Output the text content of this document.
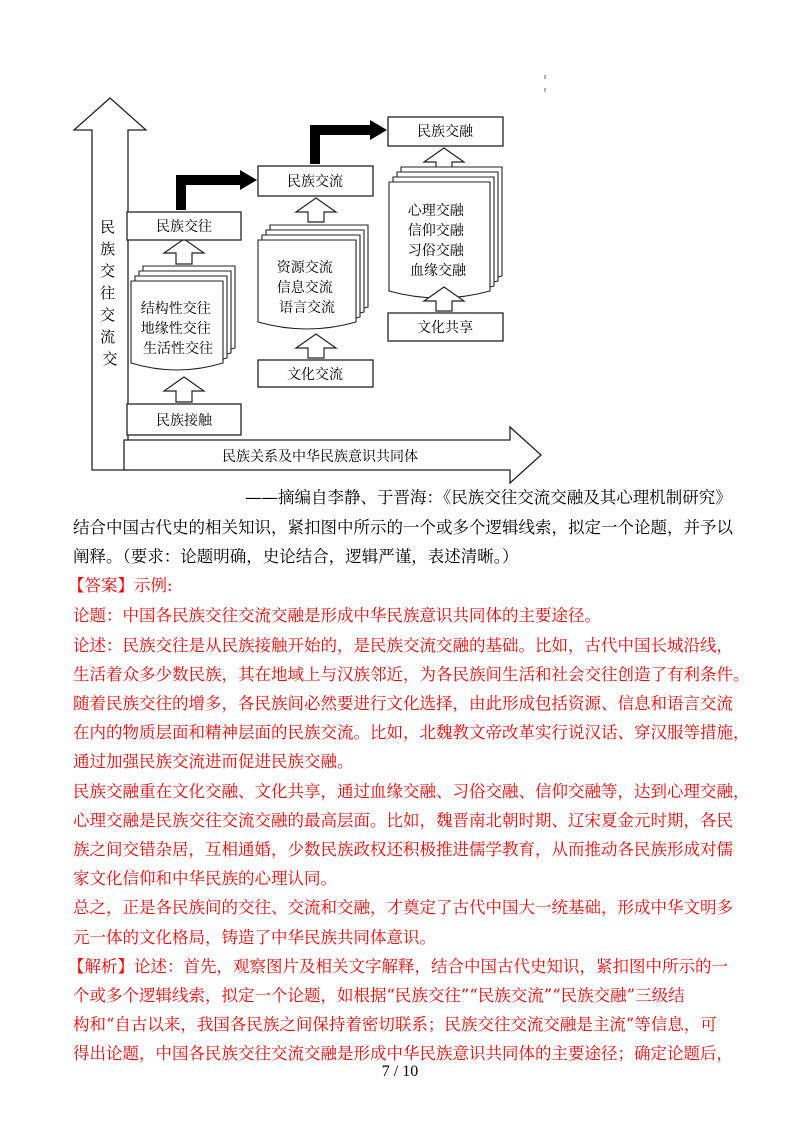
民 族 交 往 交 流 交
民族关系及中华民族意识共同体
民族接触
结构性交往 地缘性交往 生活性交往
民族交往
民族交流
资源交流 信息交流 语言交流
文化交流
民族交融
心理交融 信仰交融 习俗交融 血缘交融
文化共享
——摘编自李静、于晋海：《民族交往交流交融及其心理机制研究》
结合中国古代史的相关知识，紧扣图中所示的一个或多个逻辑线索，拟定一个论题，并予以
阐释。（要求：论题明确，史论结合，逻辑严谨，表述清晰。）
【答案】示例:
论题：中国各民族交往交流交融是形成中华民族意识共同体的主要途径。
论述：民族交往是从民族接触开始的，是民族交流交融的基础。比如，古代中国长城沿线，
生活着众多少数民族，其在地域上与汉族邻近，为各民族间生活和社会交往创造了有利条件。
随着民族交往的增多，各民族间必然要进行文化选择，由此形成包括资源、信息和语言交流
在内的物质层面和精神层面的民族交流。比如，北魏教文帝改革实行说汉话、穿汉服等措施，
通过加强民族交流进而促进民族交融。
民族交融重在文化交融、文化共享，通过血缘交融、习俗交融、信仰交融等，达到心理交融，
心理交融是民族交往交流交融的最高层面。比如，魏晋南北朝时期、辽宋夏金元时期，各民
族之间交错杂居，互相通婚，少数民族政权还积极推进儒学教育，从而推动各民族形成对儒
家文化信仰和中华民族的心理认同。
总之，正是各民族间的交往、交流和交融，才奠定了古代中国大一统基础，形成中华文明多
元一体的文化格局，铸造了中华民族共同体意识。
【解析】论述：首先，观察图片及相关文字解释，结合中国古代史知识，紧扣图中所示的一
个或多个逻辑线索，拟定一个论题，如根据“民族交往”“民族交流”“民族交融”三级结
构和“自古以来，我国各民族之间保持着密切联系；民族交往交流交融是主流”等信息，可
得出论题，中国各民族交往交流交融是形成中华民族意识共同体的主要途径；确定论题后，
7 / 10
